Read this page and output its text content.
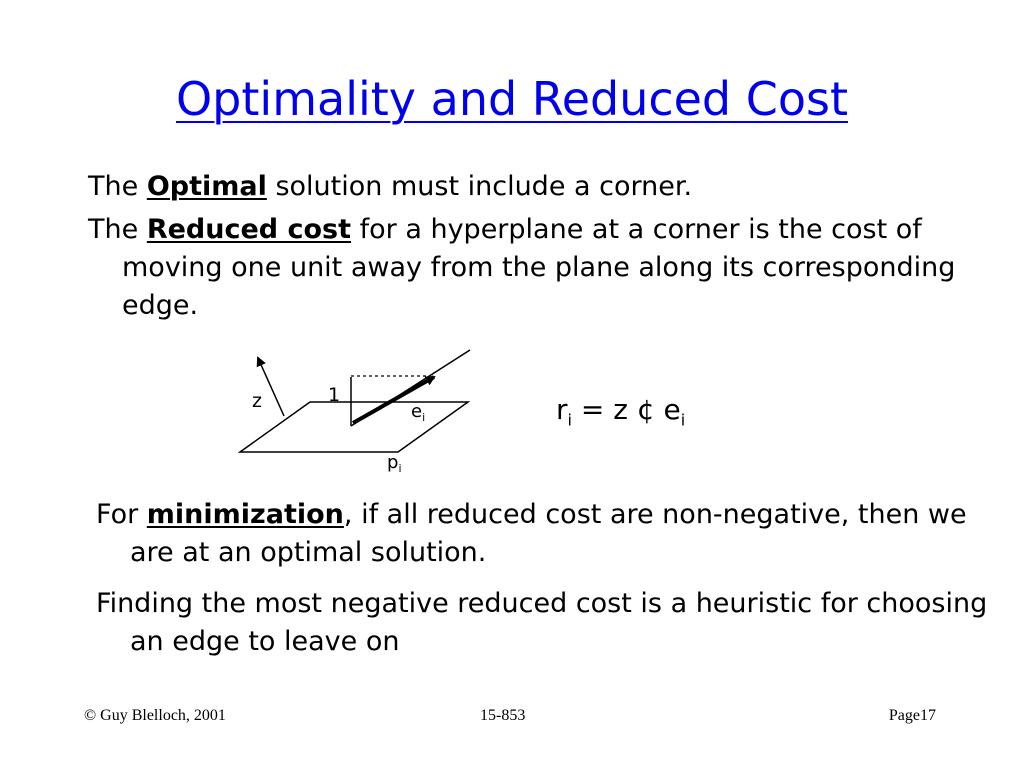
Optimality and Reduced Cost

The Optimal solution must include a corner.

The Reduced cost for a hyperplane at a corner is the cost of moving one unit away from the plane along its corresponding edge.

z	1
$e_i$
$p_i$
$r_i = z$ ¢ $e_i$

For minimization, if all reduced cost are non-negative, then we are at an optimal solution.

Finding the most negative reduced cost is a heuristic for choosing an edge to leave on

© Guy Blelloch, 2001	15-853	Page17
